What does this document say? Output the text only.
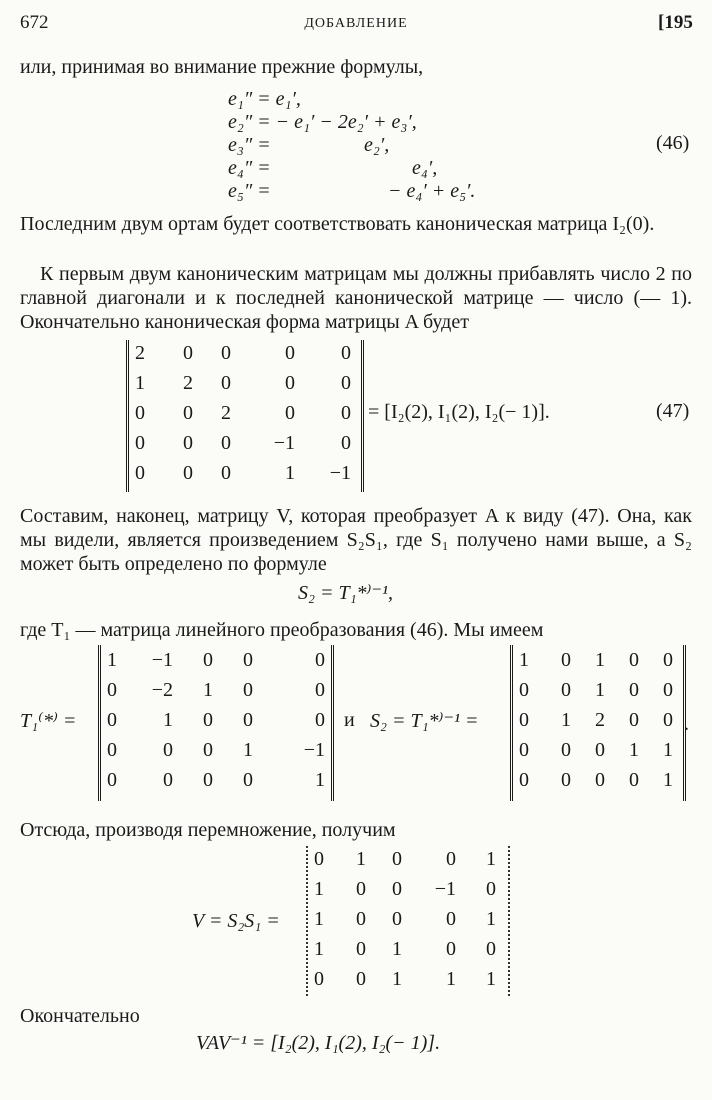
672	ДОБАВЛЕНИЕ	[195
или, принимая во внимание прежние формулы,
e₁″ = e₁′,
e₂″ = − e₁′ − 2e₂′ + e₃′,
e₃″ =	e₂′,
e₄″ =	e₄′,
e₅″ =	− e₄′ + e₅′.
(46)
Последним двум ортам будет соответствовать каноническая матрица I₂(0).
К первым двум каноническим матрицам мы должны прибавлять число 2 по главной диагонали и к последней канонической матрице — число (— 1). Окончательно каноническая форма матрицы A будет
2	0	0	0	0
1	2	0	0	0
0	0	2	0	0
0	0	0	−1	0
0	0	0	1	−1
= [I₂(2), I₁(2), I₂(− 1)].	(47)
Составим, наконец, матрицу V, которая преобразует A к виду (47). Она, как мы видели, является произведением S₂S₁, где S₁ получено нами выше, а S₂ может быть определено по формуле
S₂ = T₁*⁾⁻¹,
где T₁ — матрица линейного преобразования (46). Мы имеем
T₁⁽*⁾ =
1	−1	0	0	0
0	−2	1	0	0
0	1	0	0	0
0	0	0	1	−1
0	0	0	0	1
и S₂ = T₁*⁾⁻¹ =
1	0	1	0	0
0	0	1	0	0
0	1	2	0	0
0	0	0	1	1
0	0	0	0	1
.
Отсюда, производя перемножение, получим
V = S₂S₁ =
0	1	0	0	1
1	0	0	−1	0
1	0	0	0	1
1	0	1	0	0
0	0	1	1	1
Окончательно
VAV⁻¹ = [I₂(2), I₁(2), I₂(− 1)].
